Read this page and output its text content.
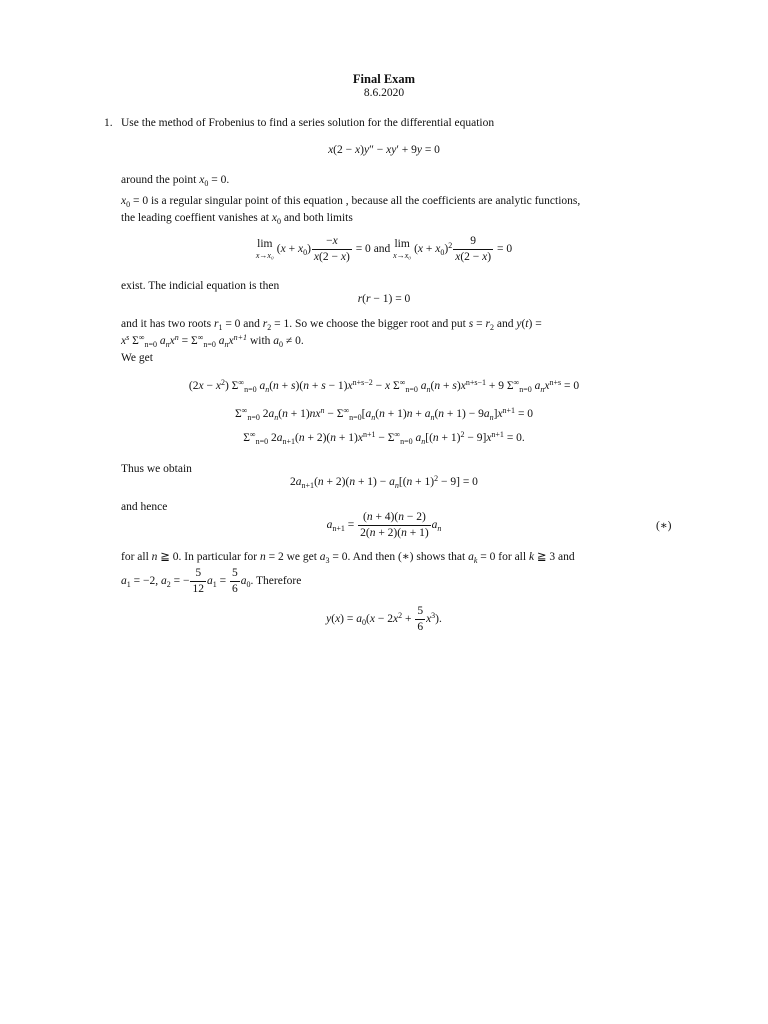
Final Exam
8.6.2020
1. Use the method of Frobenius to find a series solution for the differential equation
x(2 − x)y″ − xy′ + 9y = 0
around the point $x_0 = 0$.
$x_0 = 0$ is a regular singular point of this equation , because all the coefficients are analytic functions,
the leading coeffient vanishes at $x_0$ and both limits
lim
x→x₀ $(x + x_0) \frac{-x}{x(2 - x)} = 0$ and lim
x→x₀ $(x + x_0)^2 \frac{9}{x(2 - x)} = 0$
exist. The indicial equation is then
r(r − 1) = 0
and it has two roots $r_1 = 0$ and $r_2 = 1$. So we choose the bigger root and put $s = r_2$ and y(t) =
$x^s$ $\Sigma^\infty_{n=0}$ $a_nx^n = \Sigma^\infty_{n=0}$ $a_nx^{n+1}$ with $a_0 \ne 0$.
We get
$(2x - x^2)$ $\Sigma^\infty_{n=0}$ $a_n(n + s)(n + s - 1)x^{n+s-2} - x$ $\Sigma^\infty_{n=0}$ $a_n(n + s)x^{n+s-1} + 9$ $\Sigma^\infty_{n=0}$ $a_nx^{n+s} = 0$
$\Sigma^\infty_{n=0}$ $2a_n(n + 1)nx^n - \Sigma^\infty_{n=0}[a_n(n + 1)n + a_n(n + 1) - 9a_n]x^{n+1} = 0$
$\Sigma^\infty_{n=0}$ $2a_{n+1}(n + 2)(n + 1)x^{n+1} - \Sigma^\infty_{n=0}$ $a_n[(n + 1)^2 - 9]x^{n+1} = 0$.
Thus we obtain
$2a_{n+1}(n + 2)(n + 1) - a_n[(n + 1)^2 - 9] = 0$
and hence
$a_{n+1} = \frac{(n + 4)(n - 2)}{2(n + 2)(n + 1)} a_n$	(∗)
for all n ≧ 0. In particular for n = 2 we get $a_3 = 0$. And then (∗) shows that $a_k = 0$ for all k ≧ 3 and
$a_1 = -2$, $a_2$ = − $\frac{5}{12} a_1 = \frac{5}{6} a_0$. Therefore
$y(x) = a_0(x - 2x^2 + \frac{5}{6} x^3)$.
